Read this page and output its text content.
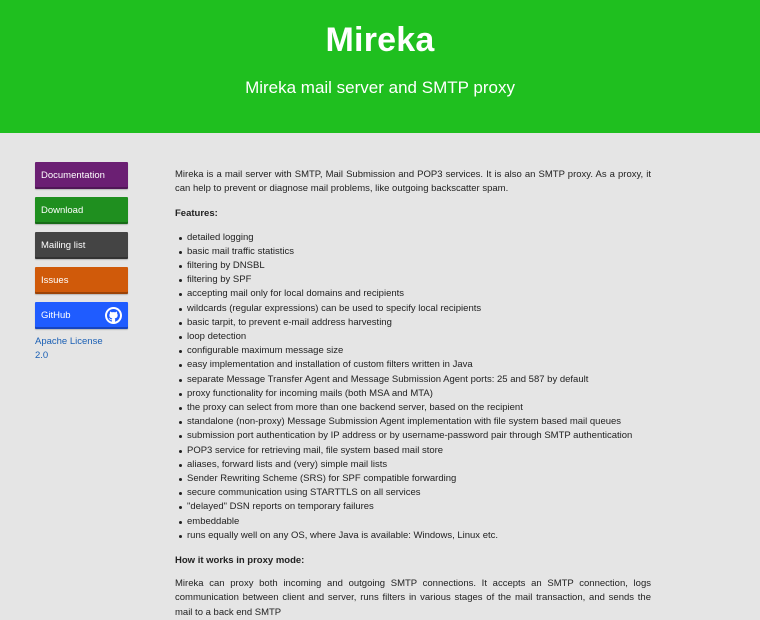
Mireka
Mireka mail server and SMTP proxy
Documentation
Download
Mailing list
Issues
GitHub
Apache License
2.0

Mireka is a mail server with SMTP, Mail Submission and POP3 services. It is also an SMTP proxy. As a proxy, it can help to prevent or diagnose mail problems, like outgoing backscatter spam.

Features:
detailed logging
basic mail traffic statistics
filtering by DNSBL
filtering by SPF
accepting mail only for local domains and recipients
wildcards (regular expressions) can be used to specify local recipients
basic tarpit, to prevent e-mail address harvesting
loop detection
configurable maximum message size
easy implementation and installation of custom filters written in Java
separate Message Transfer Agent and Message Submission Agent ports: 25 and 587 by default
proxy functionality for incoming mails (both MSA and MTA)
the proxy can select from more than one backend server, based on the recipient
standalone (non-proxy) Message Submission Agent implementation with file system based mail queues
submission port authentication by IP address or by username-password pair through SMTP authentication
POP3 service for retrieving mail, file system based mail store
aliases, forward lists and (very) simple mail lists
Sender Rewriting Scheme (SRS) for SPF compatible forwarding
secure communication using STARTTLS on all services
"delayed" DSN reports on temporary failures
embeddable
runs equally well on any OS, where Java is available: Windows, Linux etc.
How it works in proxy mode:

Mireka can proxy both incoming and outgoing SMTP connections. It accepts an SMTP connection, logs communication between client and server, runs filters in various stages of the mail transaction, and sends the mail to a back end SMTP
